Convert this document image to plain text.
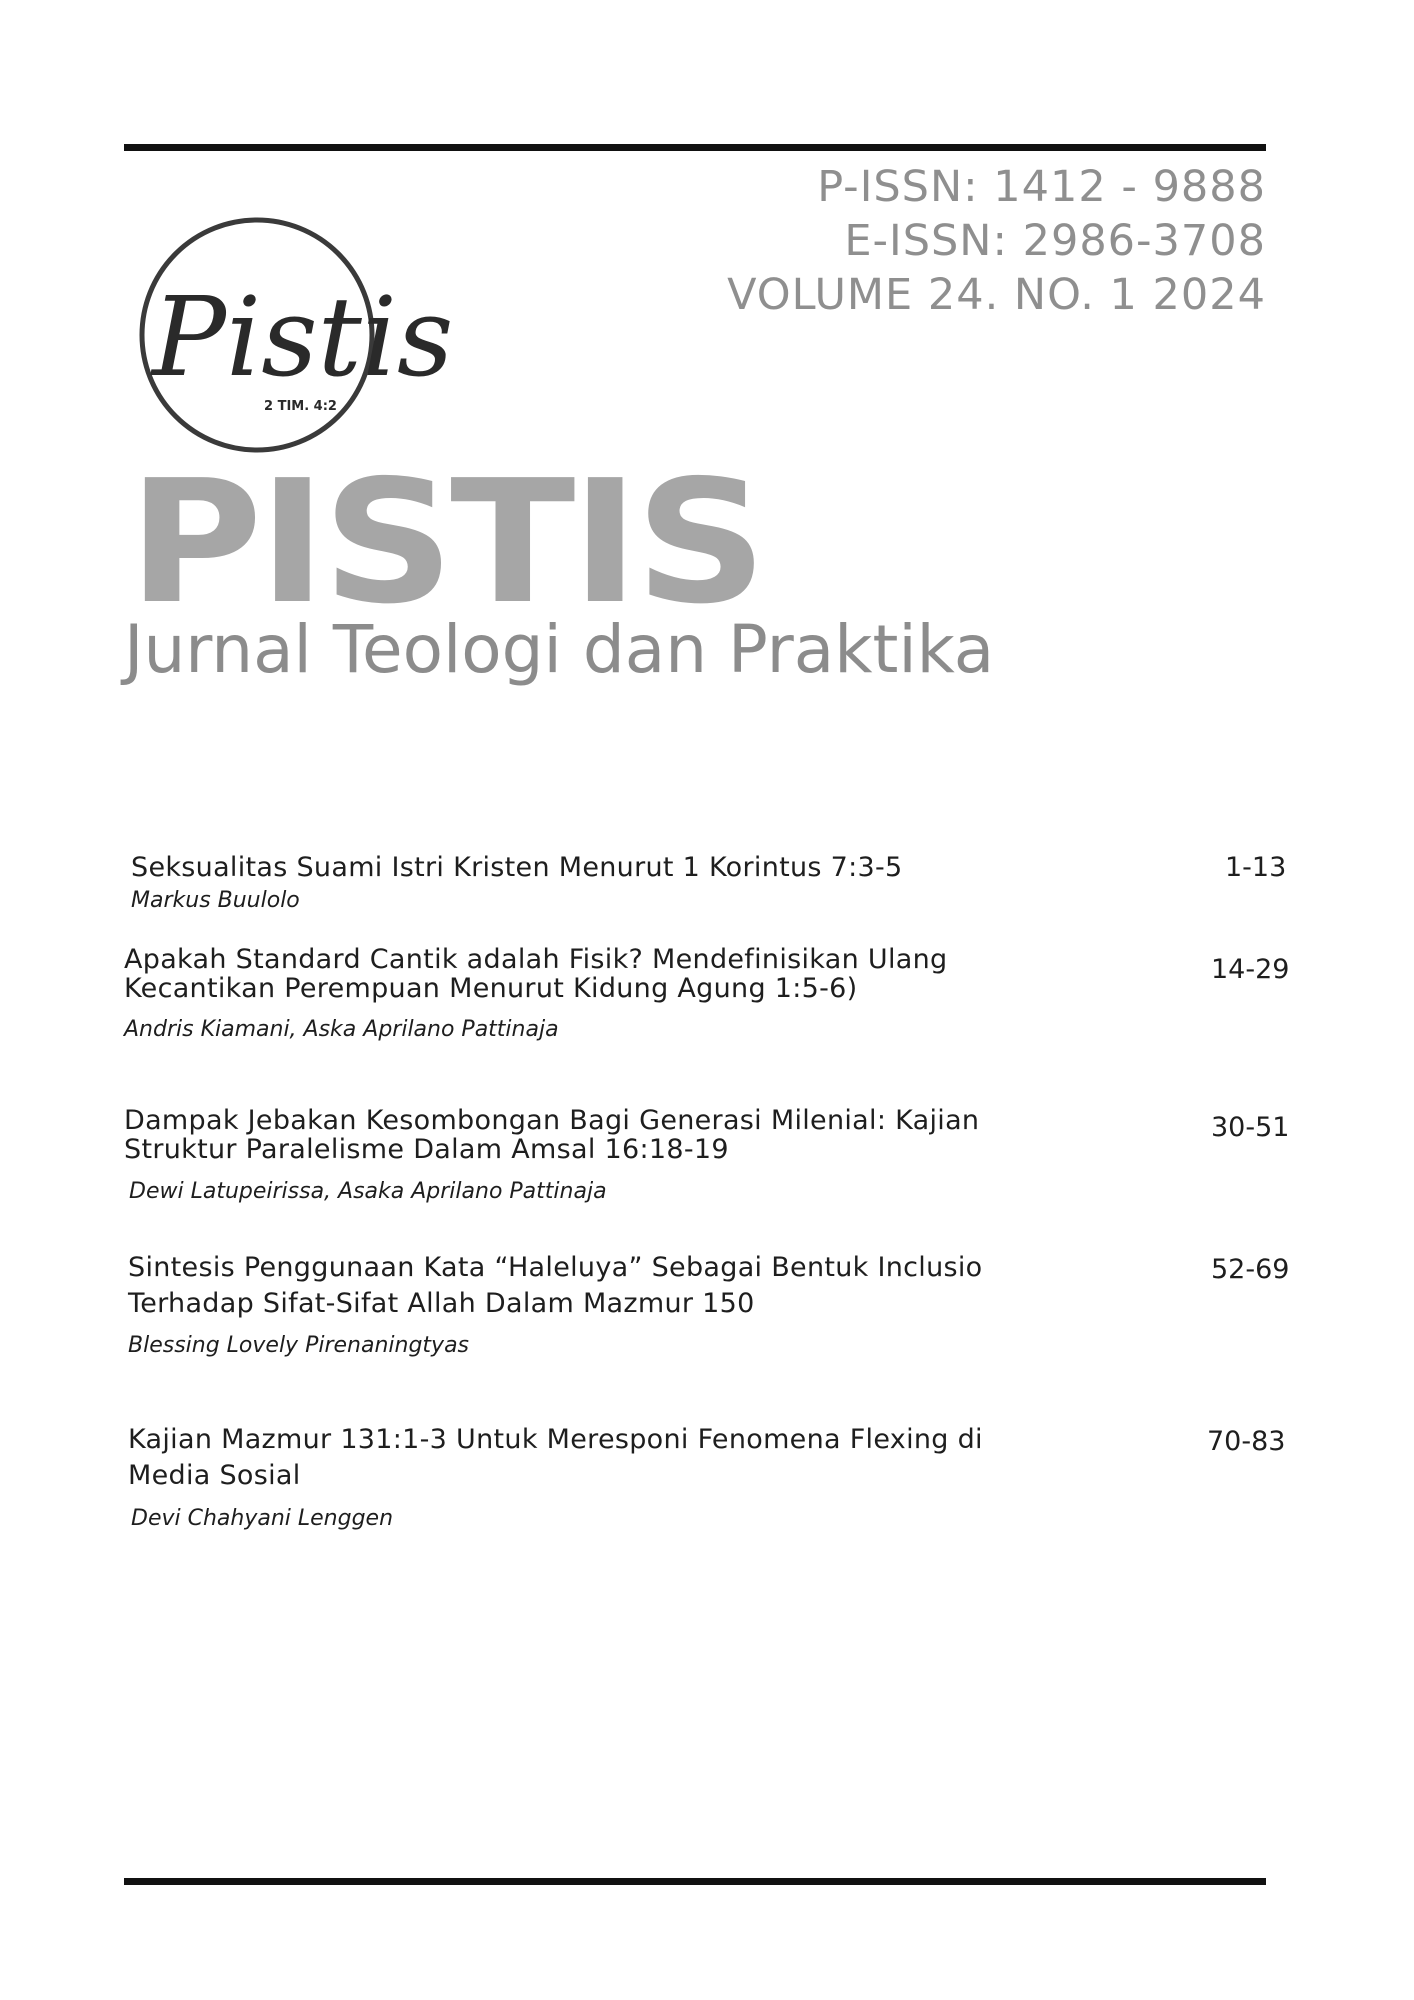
P-ISSN: 1412 - 9888
E-ISSN: 2986-3708
VOLUME 24. NO. 1 2024
Pistis
2 TIM. 4:2
PISTIS
Jurnal Teologi dan Praktika
Seksualitas Suami Istri Kristen Menurut 1 Korintus 7:3-5
Markus Buulolo
1-13
Apakah Standard Cantik adalah Fisik? Mendefinisikan Ulang
Kecantikan Perempuan Menurut Kidung Agung 1:5-6)
Andris Kiamani, Aska Aprilano Pattinaja
14-29
Dampak Jebakan Kesombongan Bagi Generasi Milenial: Kajian
Struktur Paralelisme Dalam Amsal 16:18-19
Dewi Latupeirissa, Asaka Aprilano Pattinaja
30-51
Sintesis Penggunaan Kata “Haleluya” Sebagai Bentuk Inclusio
Terhadap Sifat-Sifat Allah Dalam Mazmur 150
Blessing Lovely Pirenaningtyas
52-69
Kajian Mazmur 131:1-3 Untuk Meresponi Fenomena Flexing di
Media Sosial
Devi Chahyani Lenggen
70-83
